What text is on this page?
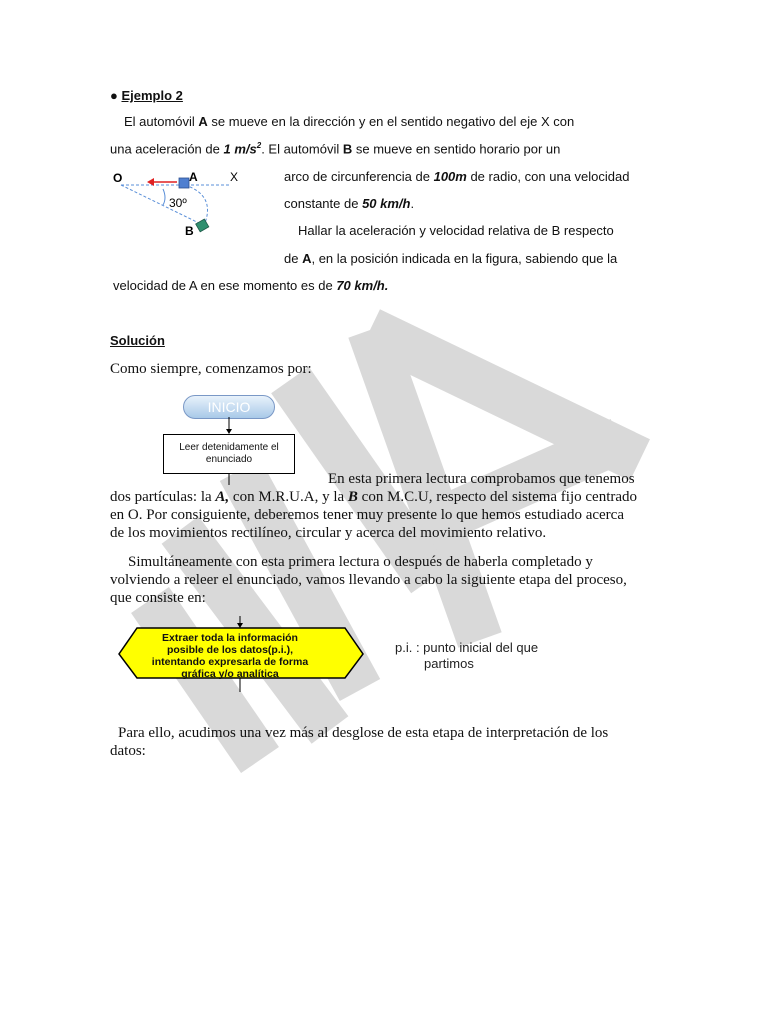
● Ejemplo 2
El automóvil A se mueve en la dirección y en el sentido negativo del eje X con
una aceleración de 1 $m/s^2$. El automóvil B se mueve en sentido horario por un
arco de circunferencia de 100m de radio, con una velocidad
constante de 50 km/h.
Hallar la aceleración y velocidad relativa de B respecto
de A, en la posición indicada en la figura, sabiendo que la
velocidad de A en ese momento es de 70 km/h.
O	A	X
B
30º
Solución
Como siempre, comenzamos por:
INICIO
Leer detenidamente el enunciado
En esta primera lectura comprobamos que tenemos
dos partículas: la A, con M.R.U.A, y la B con M.C.U, respecto del sistema fijo centrado
en O. Por consiguiente, deberemos tener muy presente lo que hemos estudiado acerca
de los movimientos rectilíneo, circular y acerca del movimiento relativo.
Simultáneamente con esta primera lectura o después de haberla completado y
volviendo a releer el enunciado, vamos llevando a cabo la siguiente etapa del proceso,
que consiste en:
Extraer toda la información posible de los datos(p.i.), intentando expresarla de forma gráfica y/o analítica
p.i. : punto inicial del que
partimos
Para ello, acudimos una vez más al desglose de esta etapa de interpretación de los
datos:
